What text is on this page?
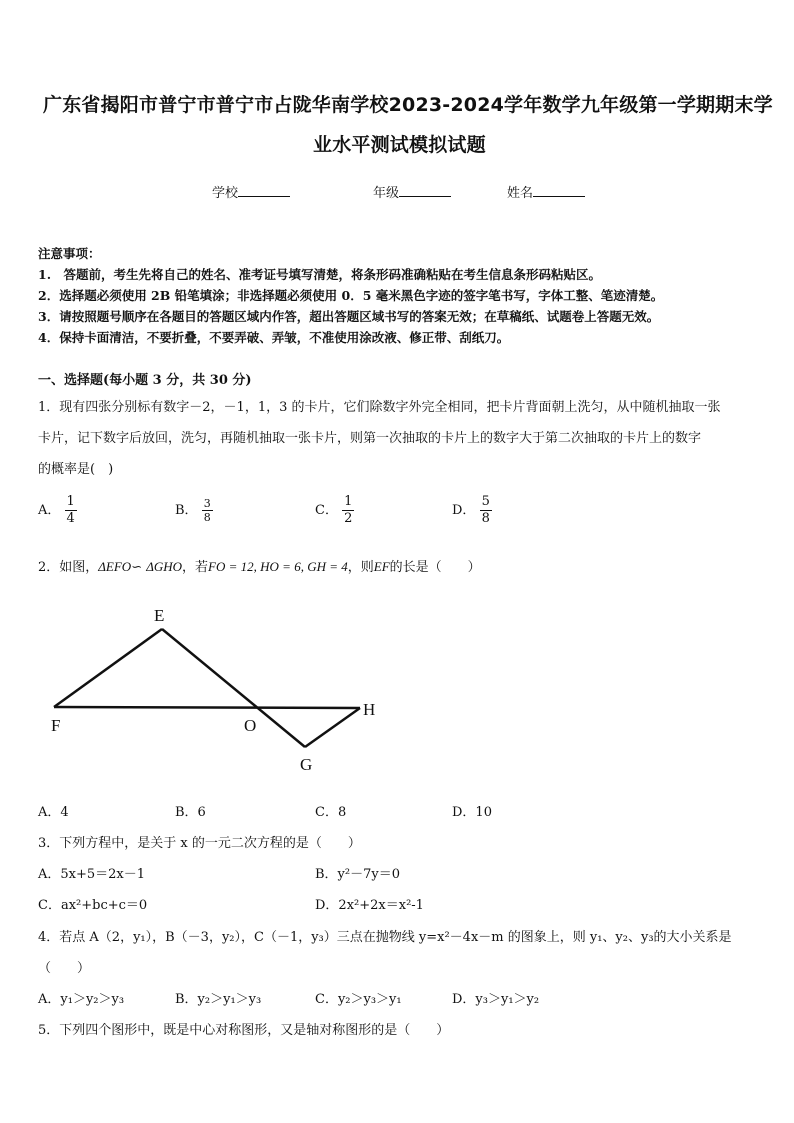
广东省揭阳市普宁市普宁市占陇华南学校2023-2024学年数学九年级第一学期期末学
业水平测试模拟试题
学校	年级	姓名
注意事项：
1.　答题前，考生先将自己的姓名、准考证号填写清楚，将条形码准确粘贴在考生信息条形码粘贴区。
2．选择题必须使用 2B 铅笔填涂；非选择题必须使用 0．5 毫米黑色字迹的签字笔书写，字体工整、笔迹清楚。
3．请按照题号顺序在各题目的答题区域内作答，超出答题区域书写的答案无效；在草稿纸、试题卷上答题无效。
4．保持卡面清洁，不要折叠，不要弄破、弄皱，不准使用涂改液、修正带、刮纸刀。
一、选择题(每小题 3 分，共 30 分)
1．现有四张分别标有数字－2，－1，1，3 的卡片，它们除数字外完全相同，把卡片背面朝上洗匀，从中随机抽取一张
卡片，记下数字后放回，洗匀，再随机抽取一张卡片，则第一次抽取的卡片上的数字大于第二次抽取的卡片上的数字
的概率是(　)
A． $\frac{1}{4}$	B． $\frac{3}{8}$	C． $\frac{1}{2}$	D． $\frac{5}{8}$
2．如图，ΔEFO∽ ΔGHO，若FO = 12, HO = 6, GH = 4，则EF的长是（　　）
E
F	O
H
G
A．4	B．6	C．8	D．10
3．下列方程中，是关于 x 的一元二次方程的是（　　）
A．5x+5＝2x－1	B．y²－7y＝0
C．ax²+bc+c＝0	D．2x²+2x＝x²-1
4．若点 A（2，y₁），B（－3，y₂），C（－1，y₃）三点在抛物线 y=x²－4x－m 的图象上，则 y₁、y₂、y₃的大小关系是
（　　）
A．y₁＞y₂＞y₃	B．y₂＞y₁＞y₃	C．y₂＞y₃＞y₁	D．y₃＞y₁＞y₂
5．下列四个图形中，既是中心对称图形，又是轴对称图形的是（　　）
